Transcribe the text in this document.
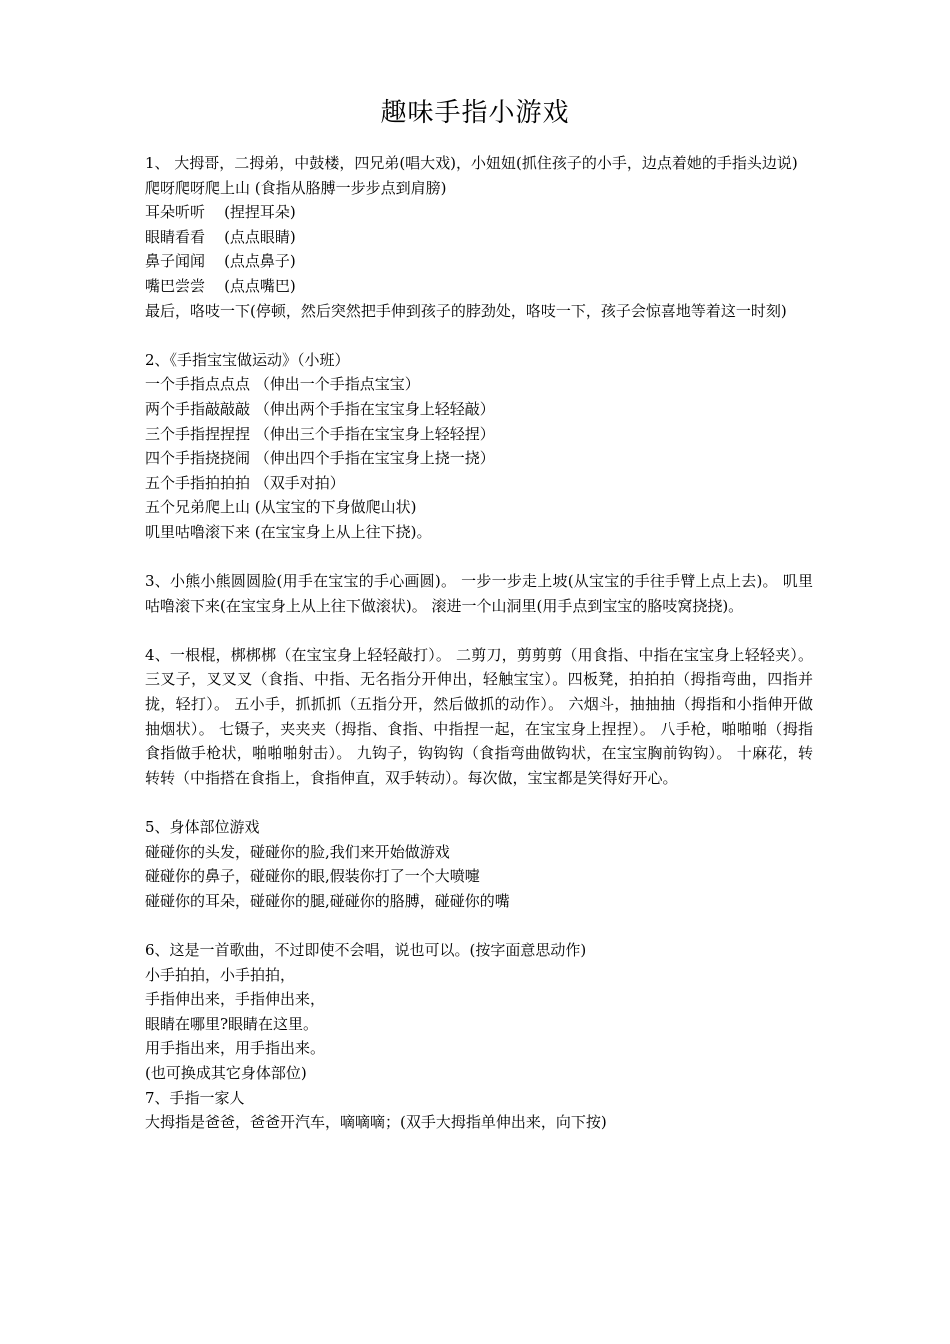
趣味手指小游戏

1、 大拇哥，二拇弟，中鼓楼，四兄弟(唱大戏)，小妞妞(抓住孩子的小手，边点着她的手指头边说)

爬呀爬呀爬上山 (食指从胳膊一步步点到肩膀)

耳朵听听    (捏捏耳朵)

眼睛看看    (点点眼睛)

鼻子闻闻    (点点鼻子)

嘴巴尝尝    (点点嘴巴)

最后，咯吱一下(停顿，然后突然把手伸到孩子的脖劲处，咯吱一下，孩子会惊喜地等着这一时刻)

2、《手指宝宝做运动》（小班）

一个手指点点点 （伸出一个手指点宝宝）

两个手指敲敲敲 （伸出两个手指在宝宝身上轻轻敲）

三个手指捏捏捏 （伸出三个手指在宝宝身上轻轻捏）

四个手指挠挠闹 （伸出四个手指在宝宝身上挠一挠）

五个手指拍拍拍 （双手对拍）

五个兄弟爬上山 (从宝宝的下身做爬山状)

叽里咕噜滚下来 (在宝宝身上从上往下挠)。

3、小熊小熊圆圆脸(用手在宝宝的手心画圆)。 一步一步走上坡(从宝宝的手往手臂上点上去)。 叽里咕噜滚下来(在宝宝身上从上往下做滚状)。 滚进一个山洞里(用手点到宝宝的胳吱窝挠挠)。

4、一根棍，梆梆梆（在宝宝身上轻轻敲打）。 二剪刀，剪剪剪（用食指、中指在宝宝身上轻轻夹）。 三叉子，叉叉叉（食指、中指、无名指分开伸出，轻触宝宝）。四板凳，拍拍拍（拇指弯曲，四指并拢，轻打）。 五小手，抓抓抓（五指分开，然后做抓的动作）。 六烟斗，抽抽抽（拇指和小指伸开做抽烟状）。 七镊子，夹夹夹（拇指、食指、中指捏一起，在宝宝身上捏捏）。 八手枪，啪啪啪（拇指食指做手枪状，啪啪啪射击）。 九钩子，钩钩钩（食指弯曲做钩状，在宝宝胸前钩钩）。 十麻花，转转转（中指搭在食指上，食指伸直，双手转动）。每次做，宝宝都是笑得好开心。

5、身体部位游戏

碰碰你的头发，碰碰你的脸,我们来开始做游戏

碰碰你的鼻子，碰碰你的眼,假装你打了一个大喷嚏

碰碰你的耳朵，碰碰你的腿,碰碰你的胳膊，碰碰你的嘴

6、这是一首歌曲，不过即使不会唱，说也可以。(按字面意思动作)

小手拍拍，小手拍拍，

手指伸出来，手指伸出来，

眼睛在哪里?眼睛在这里。

用手指出来，用手指出来。

(也可换成其它身体部位)

7、手指一家人

大拇指是爸爸，爸爸开汽车，嘀嘀嘀；(双手大拇指单伸出来，向下按)
